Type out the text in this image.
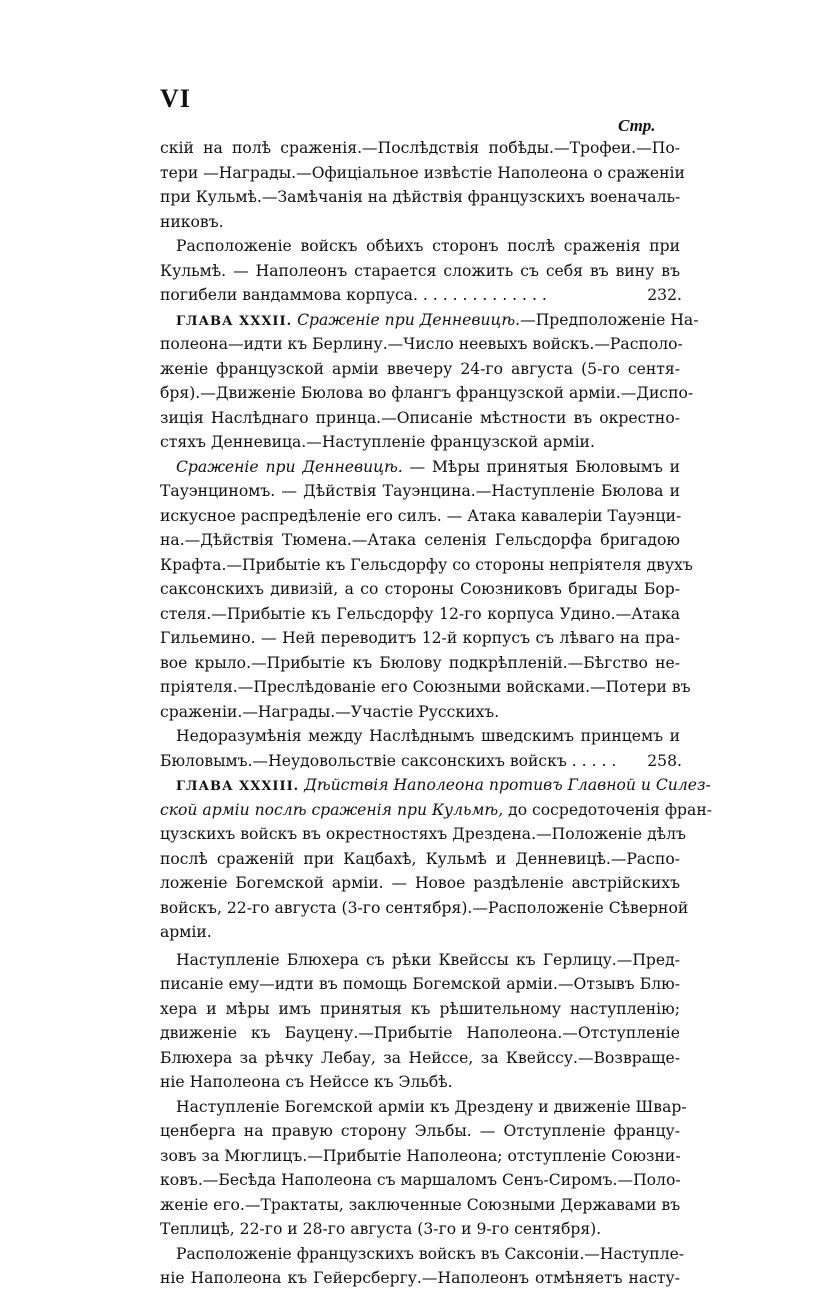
VI
Стр.
скій на полѣ сраженія.—Послѣдствія побѣды.—Трофеи.—По-
тери —Награды.—Офиціальное извѣстіе Наполеона о сраженіи
при Кульмѣ.—Замѣчанія на дѣйствія французскихъ военачаль-
никовъ.
Расположеніе войскъ обѣихъ сторонъ послѣ сраженія при
Кульмѣ. — Наполеонъ старается сложить съ себя въ вину въ
погибели вандаммова корпуса. . . . . . . . . . . . . .	232.
ГЛАВА XXXII. Сраженіе при Денневицѣ.—Предположеніе На-
полеона—идти къ Берлину.—Число неевыхъ войскъ.—Располо-
женіе французской арміи ввечеру 24-го августа (5-го сентя-
бря).—Движеніе Бюлова во флангъ французской арміи.—Диспо-
зиція Наслѣднаго принца.—Описаніе мѣстности въ окрестно-
стяхъ Денневица.—Наступленіе французской арміи.
Сраженіе при Денневицѣ. — Мѣры принятыя Бюловымъ и
Тауэнциномъ. — Дѣйствія Тауэнцина.—Наступленіе Бюлова и
искусное распредѣленіе его силъ. — Атака кавалеріи Тауэнци-
на.—Дѣйствія Тюмена.—Атака селенія Гельсдорфа бригадою
Крафта.—Прибытіе къ Гельсдорфу со стороны непріятеля двухъ
саксонскихъ дивизій, а со стороны Союзниковъ бригады Бор-
стеля.—Прибытіе къ Гельсдорфу 12-го корпуса Удино.—Атака
Гильемино. — Ней переводитъ 12-й корпусъ съ лѣваго на пра-
вое крыло.—Прибытіе къ Бюлову подкрѣпленій.—Бѣгство не-
пріятеля.—Преслѣдованіе его Союзными войсками.—Потери въ
сраженіи.—Награды.—Участіе Русскихъ.
Недоразумѣнія между Наслѣднымъ шведскимъ принцемъ и
Бюловымъ.—Неудовольствіе саксонскихъ войскъ . . . . . 258.
ГЛАВА XXXIII. Дѣйствія Наполеона противъ Главной и Силез-
ской арміи послѣ сраженія при Кульмѣ, до сосредоточенія фран-
цузскихъ войскъ въ окрестностяхъ Дрездена.—Положеніе дѣлъ
послѣ сраженій при Кацбахѣ, Кульмѣ и Денневицѣ.—Распо-
ложеніе Богемской арміи. — Новое раздѣленіе австрійскихъ
войскъ, 22-го августа (3-го сентября).—Расположеніе Сѣверной
арміи.
Наступленіе Блюхера съ рѣки Квейссы къ Герлицу.—Пред-
писаніе ему—идти въ помощь Богемской арміи.—Отзывъ Блю-
хера и мѣры имъ принятыя къ рѣшительному наступленію;
движеніе къ Бауцену.—Прибытіе Наполеона.—Отступленіе
Блюхера за рѣчку Лебау, за Нейссе, за Квейссу.—Возвраще-
ніе Наполеона съ Нейссе къ Эльбѣ.
Наступленіе Богемской арміи къ Дрездену и движеніе Швар-
ценберга на правую сторону Эльбы. — Отступленіе францу-
зовъ за Мюглицъ.—Прибытіе Наполеона; отступленіе Союзни-
ковъ.—Бесѣда Наполеона съ маршаломъ Сенъ-Сиромъ.—Поло-
женіе его.—Трактаты, заключенные Союзными Державами въ
Теплицѣ, 22-го и 28-го августа (3-го и 9-го сентября).
Расположеніе французскихъ войскъ въ Саксоніи.—Наступле-
ніе Наполеона къ Гейерсбергу.—Наполеонъ отмѣняетъ насту-
